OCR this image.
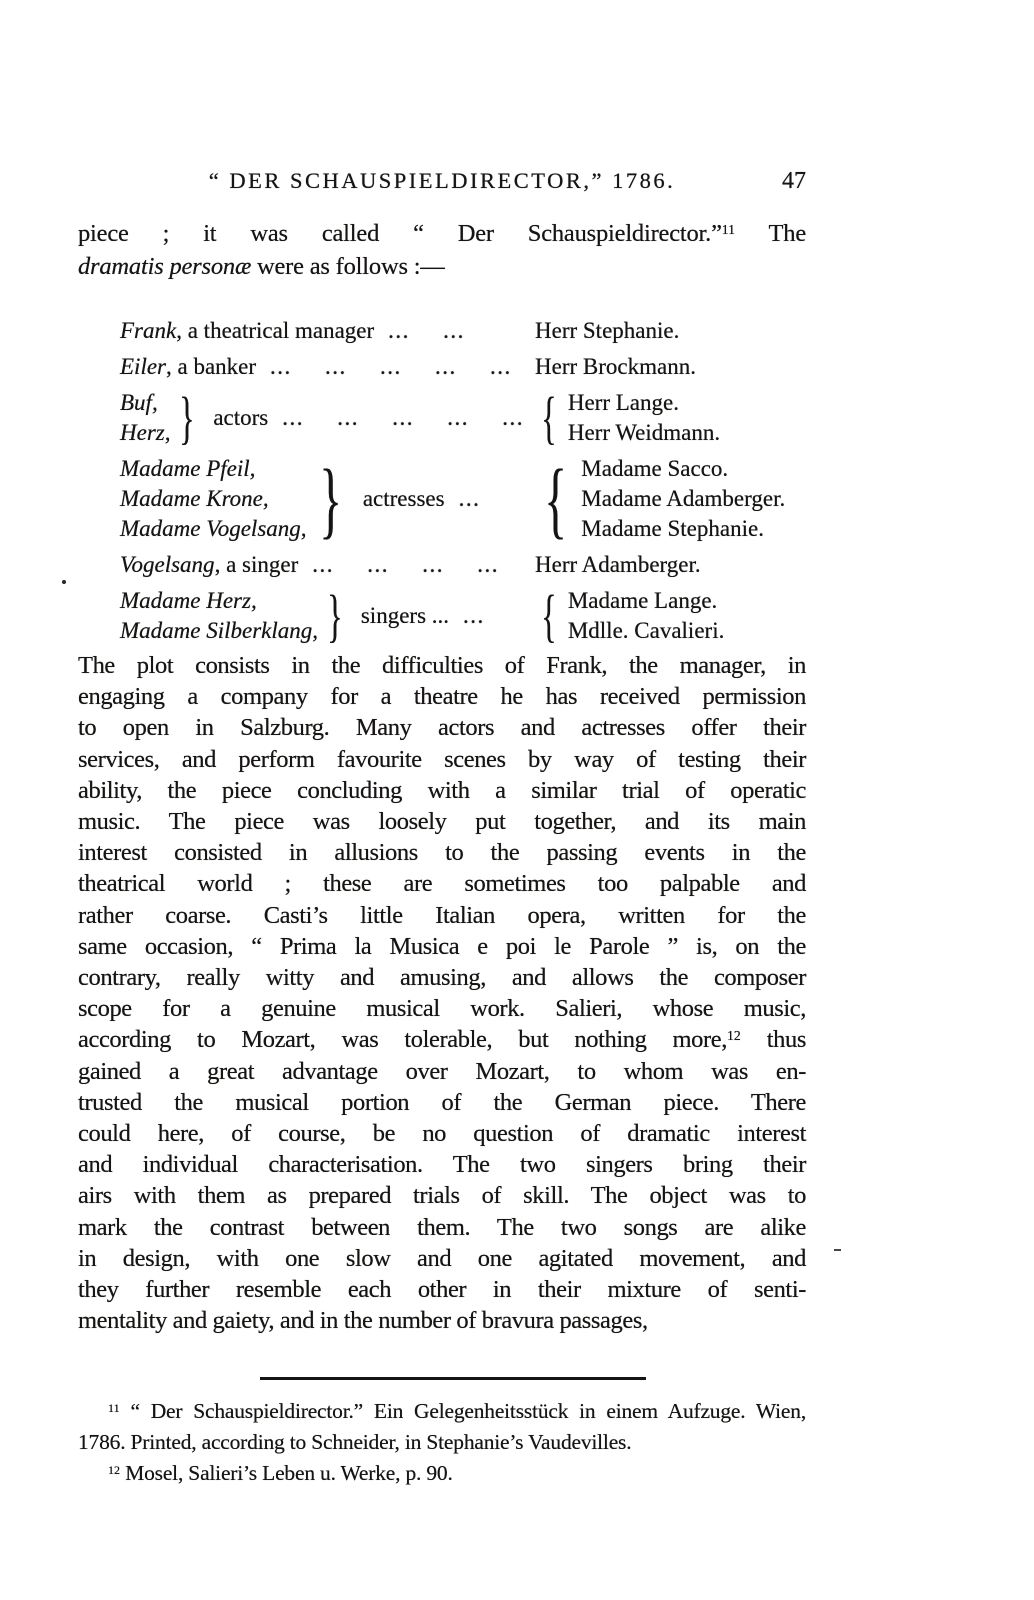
“ DER SCHAUSPIELDIRECTOR,” 1786.	47
piece ; it was called “ Der Schauspieldirector.”$^{11}$ The
dramatis personæ were as follows :—
Frank, a theatrical manager ... ...	Herr Stephanie.
Eiler, a banker ... ... ... ... ...	Herr Brockmann.
Buf,
Herz, } actors ... ... ... ... ... { Herr Lange.
Herr Weidmann.
Madame Pfeil,
Madame Krone,
Madame Vogelsang, } actresses ... { Madame Sacco.
Madame Adamberger.
Madame Stephanie.
Vogelsang, a singer ... ... ... ...	Herr Adamberger.
Madame Herz,
Madame Silberklang, } singers ... ... { Madame Lange.
Mdlle. Cavalieri.
The plot consists in the difficulties of Frank, the manager, in
engaging a company for a theatre he has received permission
to open in Salzburg. Many actors and actresses offer their
services, and perform favourite scenes by way of testing their
ability, the piece concluding with a similar trial of operatic
music. The piece was loosely put together, and its main
interest consisted in allusions to the passing events in the
theatrical world ; these are sometimes too palpable and
rather coarse. Casti’s little Italian opera, written for the
same occasion, “ Prima la Musica e poi le Parole ” is, on the
contrary, really witty and amusing, and allows the composer
scope for a genuine musical work. Salieri, whose music,
according to Mozart, was tolerable, but nothing more,$^{12}$ thus
gained a great advantage over Mozart, to whom was en-
trusted the musical portion of the German piece. There
could here, of course, be no question of dramatic interest
and individual characterisation. The two singers bring their
airs with them as prepared trials of skill. The object was to
mark the contrast between them. The two songs are alike
in design, with one slow and one agitated movement, and
they further resemble each other in their mixture of senti-
mentality and gaiety, and in the number of bravura passages,
$^{11}$ “ Der Schauspieldirector.” Ein Gelegenheitsstück in einem Aufzuge. Wien,
1786. Printed, according to Schneider, in Stephanie’s Vaudevilles.
$^{12}$ Mosel, Salieri’s Leben u. Werke, p. 90.
